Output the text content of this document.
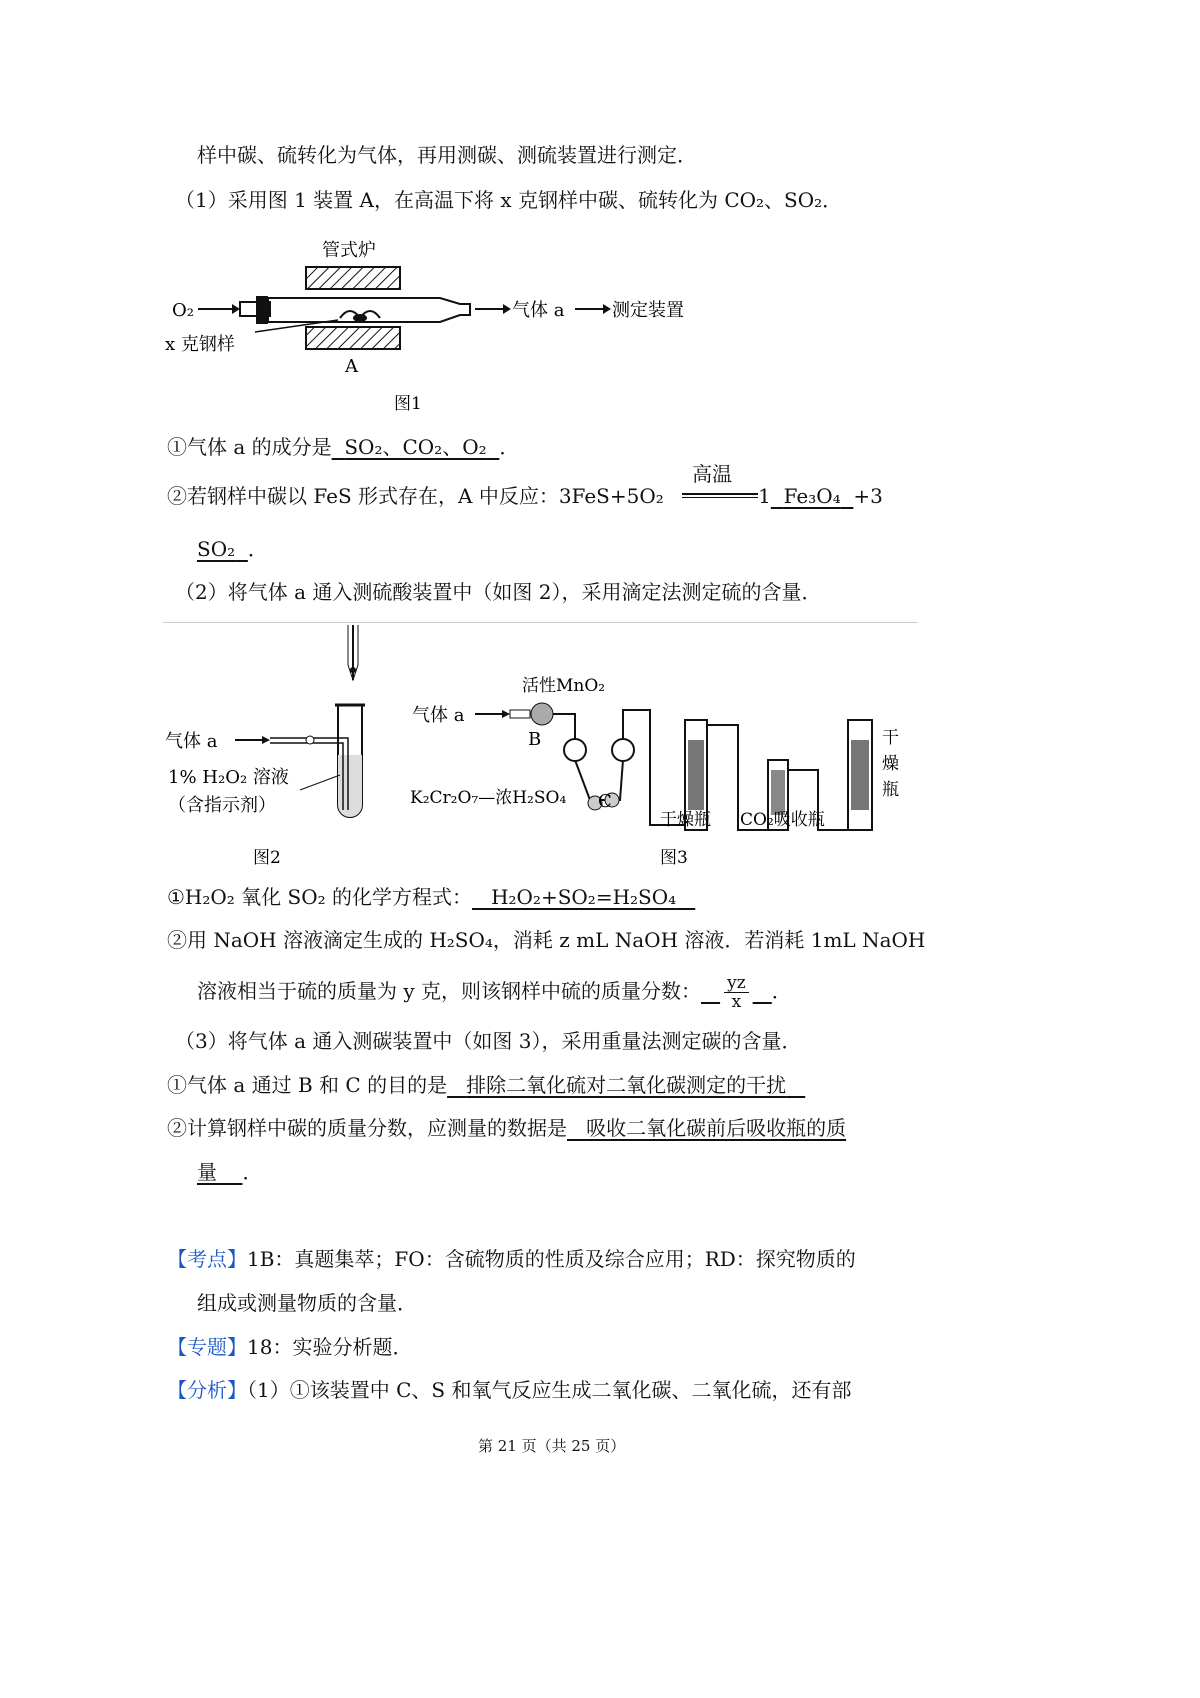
样中碳、硫转化为气体，再用测碳、测硫装置进行测定．
（1）采用图 1 装置 A，在高温下将 x 克钢样中碳、硫转化为 CO₂、SO₂．
管式炉
O₂
x 克钢样
A
气体 a	测定装置
图1
①气体 a 的成分是 SO₂、CO₂、O₂ ．
②若钢样中碳以 FeS 形式存在，A 中反应：3FeS+5O₂
高温
1 Fe₃O₄ +3
SO₂ ．
（2）将气体 a 通入测硫酸装置中（如图 2），采用滴定法测定硫的含量．
气体 a
1% H₂O₂ 溶液
（含指示剂）
图2
活性MnO₂
气体 a
B
K₂Cr₂O₇—浓H₂SO₄ C
干燥瓶 CO₂吸收瓶
干燥瓶
图3
①H₂O₂ 氧化 SO₂ 的化学方程式： H₂O₂+SO₂=H₂SO₄
②用 NaOH 溶液滴定生成的 H₂SO₄，消耗 z mL NaOH 溶液．若消耗 1mL NaOH
溶液相当于硫的质量为 y 克，则该钢样中硫的质量分数： $\frac{yz}{x}$ ．
（3）将气体 a 通入测碳装置中（如图 3），采用重量法测定碳的含量．
①气体 a 通过 B 和 C 的目的是 排除二氧化硫对二氧化碳测定的干扰
②计算钢样中碳的质量分数，应测量的数据是 吸收二氧化碳前后吸收瓶的质
量 ．
【考点】1B：真题集萃；FO：含硫物质的性质及综合应用；RD：探究物质的
组成或测量物质的含量．
【专题】18：实验分析题．
【分析】（1）①该装置中 C、S 和氧气反应生成二氧化碳、二氧化硫，还有部
第 21 页（共 25 页）
